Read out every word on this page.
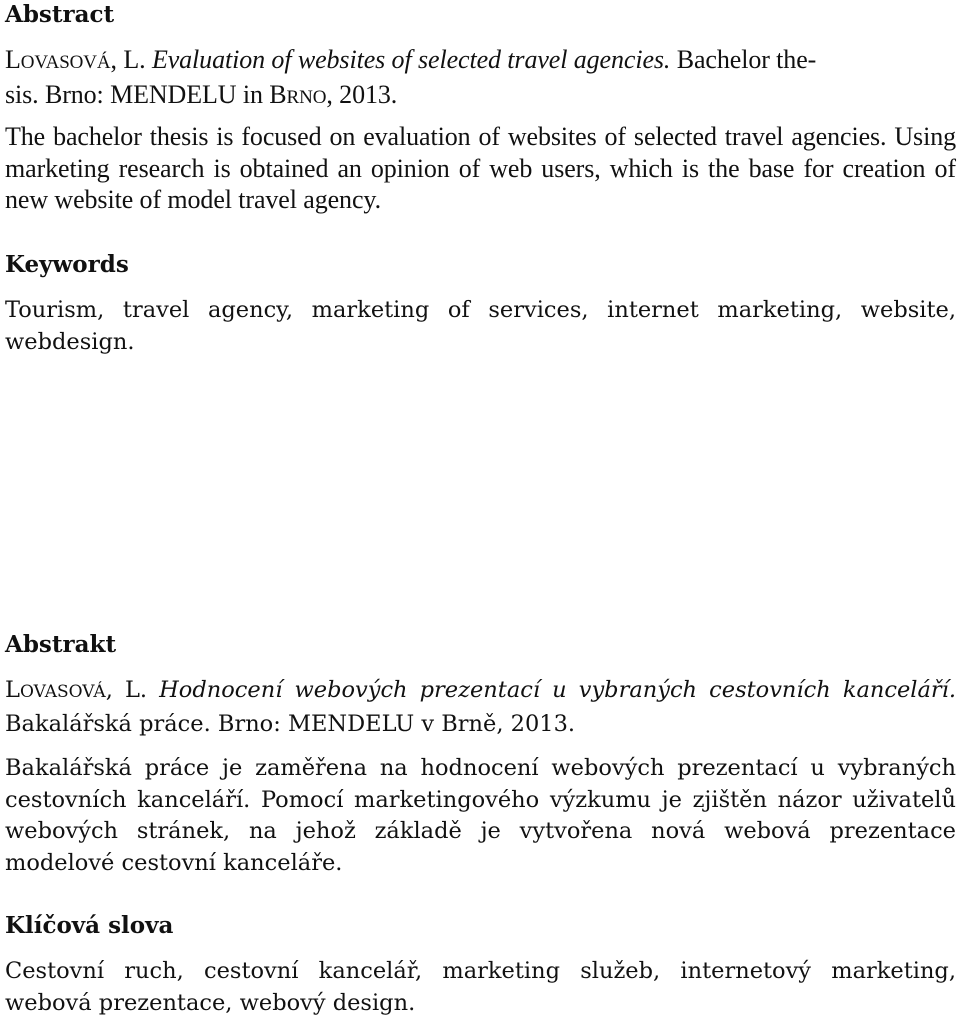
Abstract

LOVASOVÁ, L. Evaluation of websites of selected travel agencies. Bachelor the-
sis. Brno: MENDELU in BRNO, 2013.

The bachelor thesis is focused on evaluation of websites of selected travel agencies. Using marketing research is obtained an opinion of web users, which is the base for creation of new website of model travel agency.

Keywords

Tourism, travel agency, marketing of services, internet marketing, website, webdesign.

Abstrakt

LOVASOVÁ, L. Hodnocení webových prezentací u vybraných cestovních kanceláří. Bakalářská práce. Brno: MENDELU v Brně, 2013.

Bakalářská práce je zaměřena na hodnocení webových prezentací u vybraných cestovních kanceláří. Pomocí marketingového výzkumu je zjištěn názor uživatelů webových stránek, na jehož základě je vytvořena nová webová prezentace modelové cestovní kanceláře.

Klíčová slova

Cestovní ruch, cestovní kancelář, marketing služeb, internetový marketing, webová prezentace, webový design.
